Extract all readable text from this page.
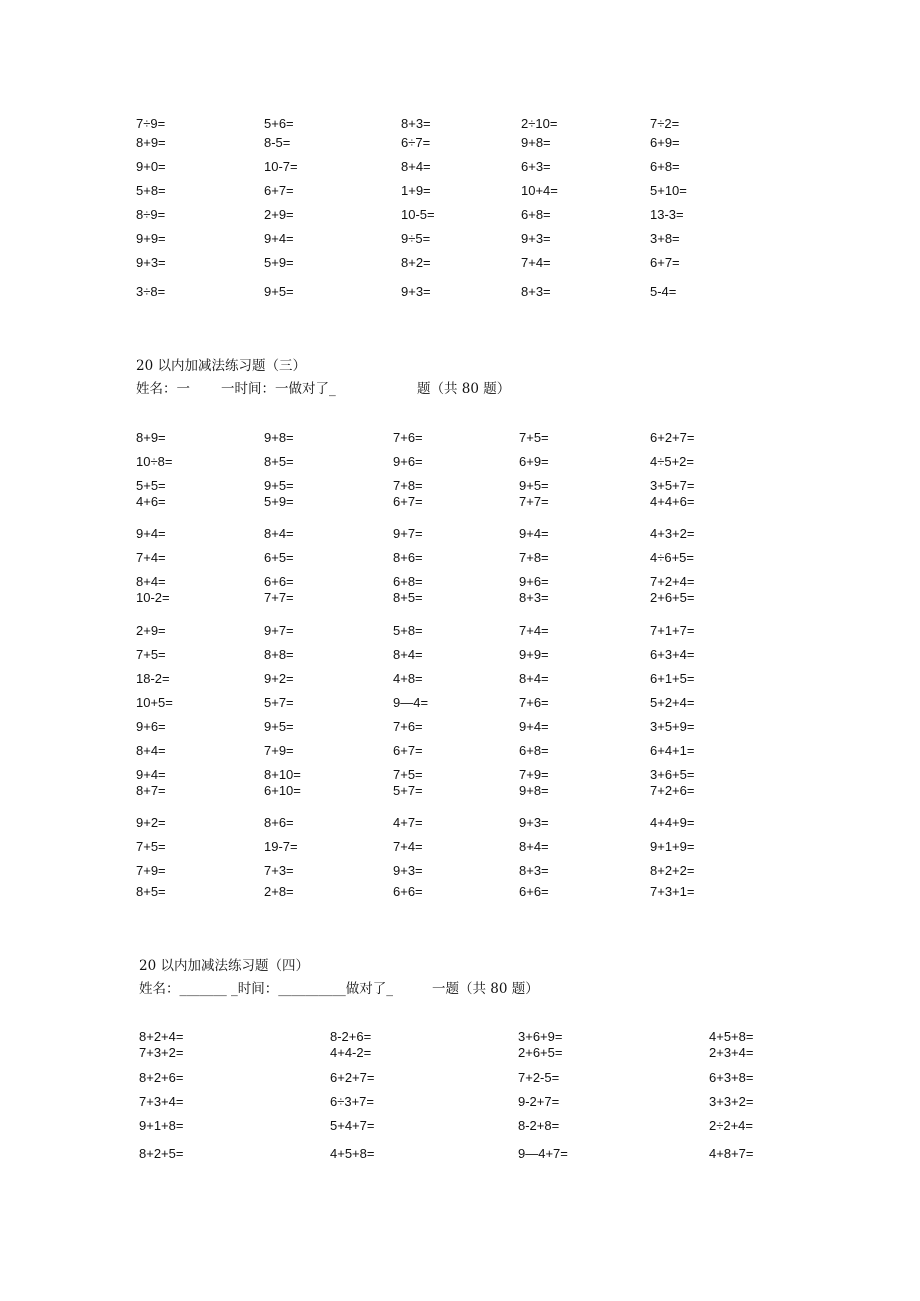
7÷9=	5+6=	8+3=	2÷10=	7÷2=
8+9=	8-5=	6÷7=	9+8=	6+9=
9+0=	10-7=	8+4=	6+3=	6+8=
5+8=	6+7=	1+9=	10+4=	5+10=
8÷9=	2+9=	10-5=	6+8=	13-3=
9+9=	9+4=	9÷5=	9+3=	3+8=
9+3=	5+9=	8+2=	7+4=	6+7=
3÷8=	9+5=	9+3=	8+3=	5-4=
8+9=	9+8=	7+6=	7+5=	6+2+7=
10÷8=	8+5=	9+6=	6+9=	4÷5+2=
5+5=	9+5=	7+8=	9+5=	3+5+7=
4+6=	5+9=	6+7=	7+7=	4+4+6=
9+4=	8+4=	9+7=	9+4=	4+3+2=
7+4=	6+5=	8+6=	7+8=	4÷6+5=
8+4=	6+6=	6+8=	9+6=	7+2+4=
10-2=	7+7=	8+5=	8+3=	2+6+5=
2+9=	9+7=	5+8=	7+4=	7+1+7=
7+5=	8+8=	8+4=	9+9=	6+3+4=
18-2=	9+2=	4+8=	8+4=	6+1+5=
10+5=	5+7=	9—4=	7+6=	5+2+4=
9+6=	9+5=	7+6=	9+4=	3+5+9=
8+4=	7+9=	6+7=	6+8=	6+4+1=
9+4=	8+10=	7+5=	7+9=	3+6+5=
8+7=	6+10=	5+7=	9+8=	7+2+6=
9+2=	8+6=	4+7=	9+3=	4+4+9=
7+5=	19-7=	7+4=	8+4=	9+1+9=
7+9=	7+3=	9+3=	8+3=	8+2+2=
8+5=	2+8=	6+6=	6+6=	7+3+1=
20 以内加减法练习题（三）
姓名：一 一时间：一做对了_	题（共 80 题）
8+2+4=	8-2+6=	3+6+9=	4+5+8=
7+3+2=	4+4-2=	2+6+5=	2+3+4=
8+2+6=	6+2+7=	7+2-5=	6+3+8=
7+3+4=	6÷3+7=	9-2+7=	3+3+2=
9+1+8=	5+4+7=	8-2+8=	2÷2+4=
8+2+5=	4+5+8=	9—4+7=	4+8+7=
20 以内加减法练习题（四）
姓名：_______ _时间：__________做对了_	一题（共 80 题）
